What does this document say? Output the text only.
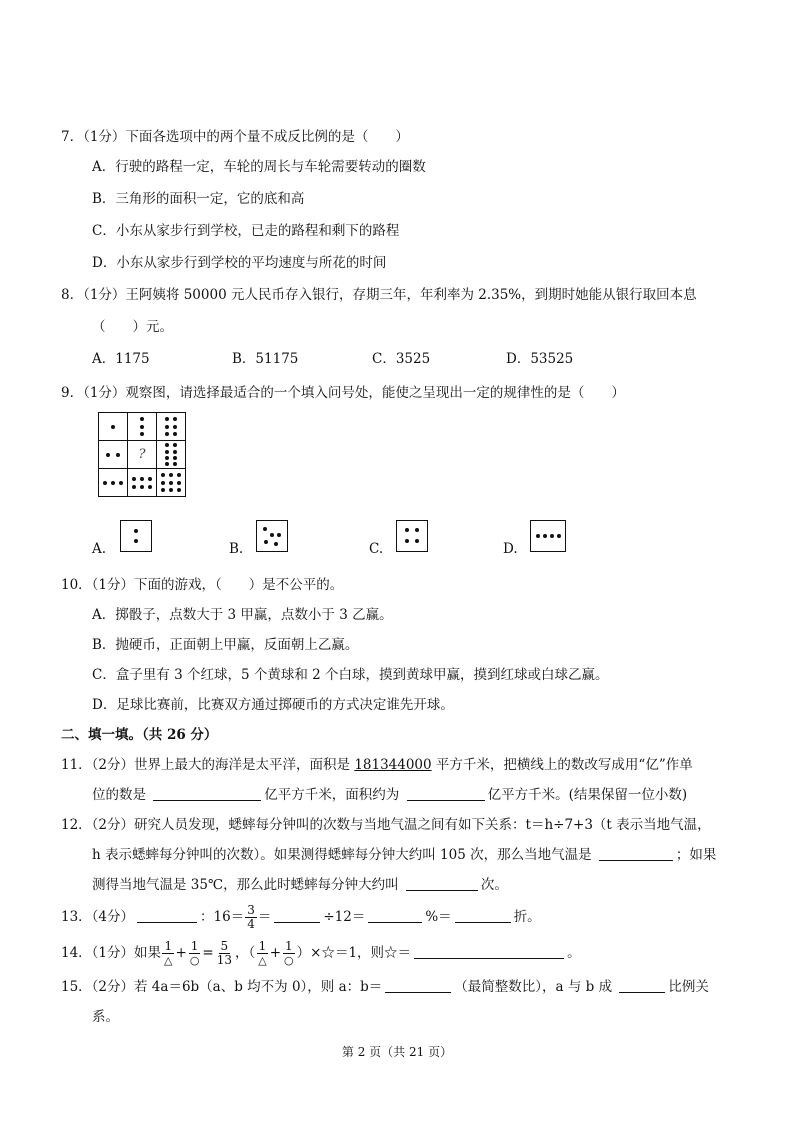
7．（1分）下面各选项中的两个量不成反比例的是（　　）
A．行驶的路程一定，车轮的周长与车轮需要转动的圈数
B．三角形的面积一定，它的底和高
C．小东从家步行到学校，已走的路程和剩下的路程
D．小东从家步行到学校的平均速度与所花的时间
8．（1分）王阿姨将 50000 元人民币存入银行，存期三年，年利率为 2.35%，到期时她能从银行取回本息
（　　）元。
A．1175	B．51175	C．3525	D．53525
9．（1分）观察图，请选择最适合的一个填入问号处，能使之呈现出一定的规律性的是（　　）

?	

A.	B.	C.	D.
10．（1分）下面的游戏，（　　）是不公平的。
A．掷骰子，点数大于 3 甲赢，点数小于 3 乙赢。
B．抛硬币，正面朝上甲赢，反面朝上乙赢。
C．盒子里有 3 个红球，5 个黄球和 2 个白球，摸到黄球甲赢，摸到红球或白球乙赢。
D．足球比赛前，比赛双方通过掷硬币的方式决定谁先开球。
二、填一填。（共 26 分）
11．（2分）世界上最大的海洋是太平洋，面积是 181344000 平方千米，把横线上的数改写成用“亿”作单
位的数是	亿平方千米，面积约为	亿平方千米。(结果保留一位小数)
12．（2分）研究人员发现，蟋蟀每分钟叫的次数与当地气温之间有如下关系：t＝h÷7+3（t 表示当地气温，
h 表示蟋蟀每分钟叫的次数）。如果测得蟋蟀每分钟大约叫 105 次，那么当地气温是	；如果
测得当地气温是 35℃，那么此时蟋蟀每分钟大约叫	次。
13．（4分）	：$16= \frac{3}{4}$ ＝	÷12＝	%＝	折。
14．（1分）如果 $\frac{1}{\triangle} + \frac{1}{○} = \frac{5}{13}$ ，（ $\frac{1}{\triangle} + \frac{1}{○}$ ）×☆＝1，则☆＝	。
15．（2分）若 4a＝6b（a、b 均不为 0），则 a：b＝	（最简整数比），a 与 b 成	比例关
系。
第 2 页（共 21 页）
